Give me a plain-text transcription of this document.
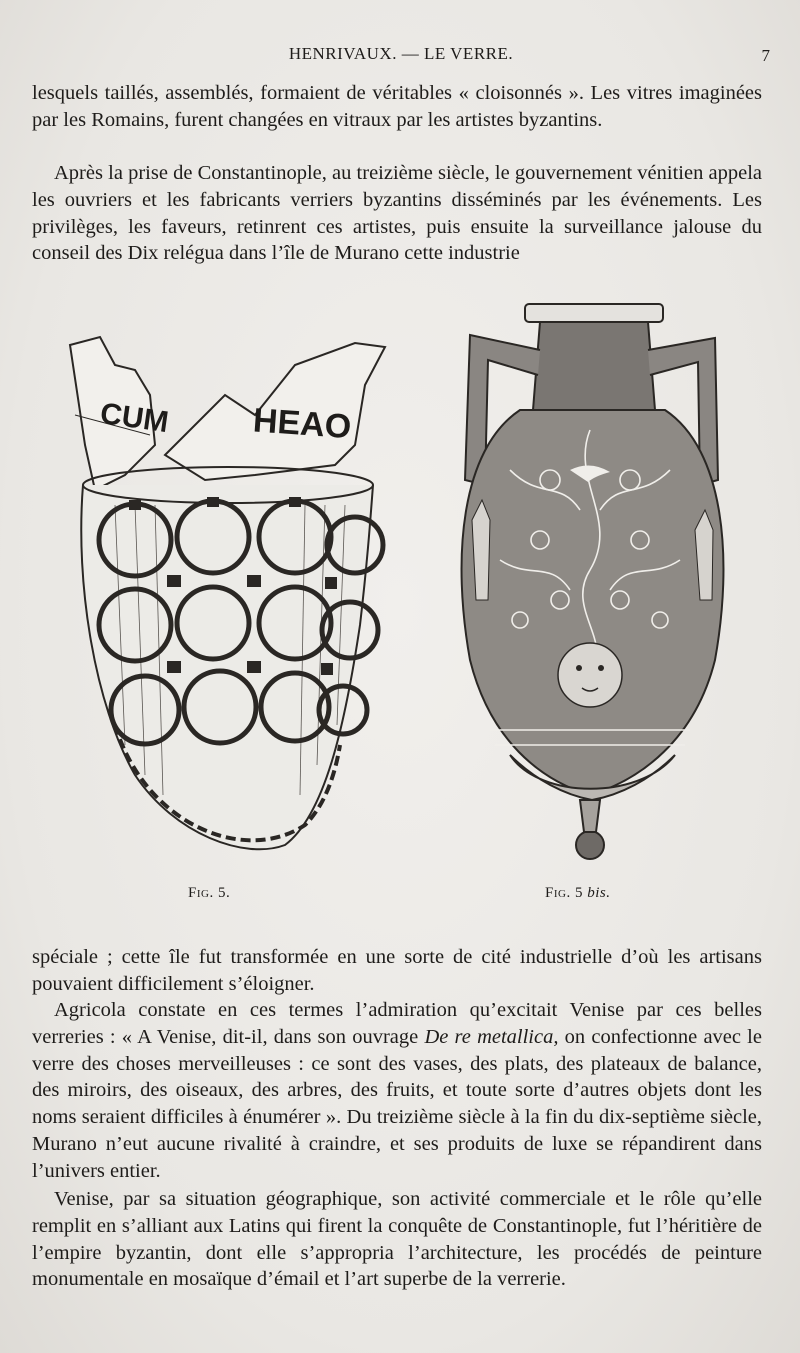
HENRIVAUX. — LE VERRE.	7

lesquels taillés, assemblés, formaient de véritables « cloisonnés ». Les vitres imaginées par les Romains, furent changées en vitraux par les artistes byzantins.

Après la prise de Constantinople, au treizième siècle, le gouvernement vénitien appela les ouvriers et les fabricants verriers byzantins disséminés par les événements. Les privilèges, les faveurs, retinrent ces artistes, puis ensuite la surveillance jalouse du conseil des Dix relégua dans l’île de Murano cette industrie

CUM HEAO
Fig. 5.	Fig. 5 bis.

spéciale ; cette île fut transformée en une sorte de cité industrielle d’où les artisans pouvaient difficilement s’éloigner.

Agricola constate en ces termes l’admiration qu’excitait Venise par ces belles verreries : « A Venise, dit-il, dans son ouvrage De re metallica, on confectionne avec le verre des choses merveilleuses : ce sont des vases, des plats, des plateaux de balance, des miroirs, des oiseaux, des arbres, des fruits, et toute sorte d’autres objets dont les noms seraient difficiles à énumérer ». Du treizième siècle à la fin du dix-septième siècle, Murano n’eut aucune rivalité à craindre, et ses produits de luxe se répandirent dans l’univers entier.

Venise, par sa situation géographique, son activité commerciale et le rôle qu’elle remplit en s’alliant aux Latins qui firent la conquête de Constantinople, fut l’héritière de l’empire byzantin, dont elle s’appropria l’architecture, les procédés de peinture monumentale en mosaïque d’émail et l’art superbe de la verrerie.
